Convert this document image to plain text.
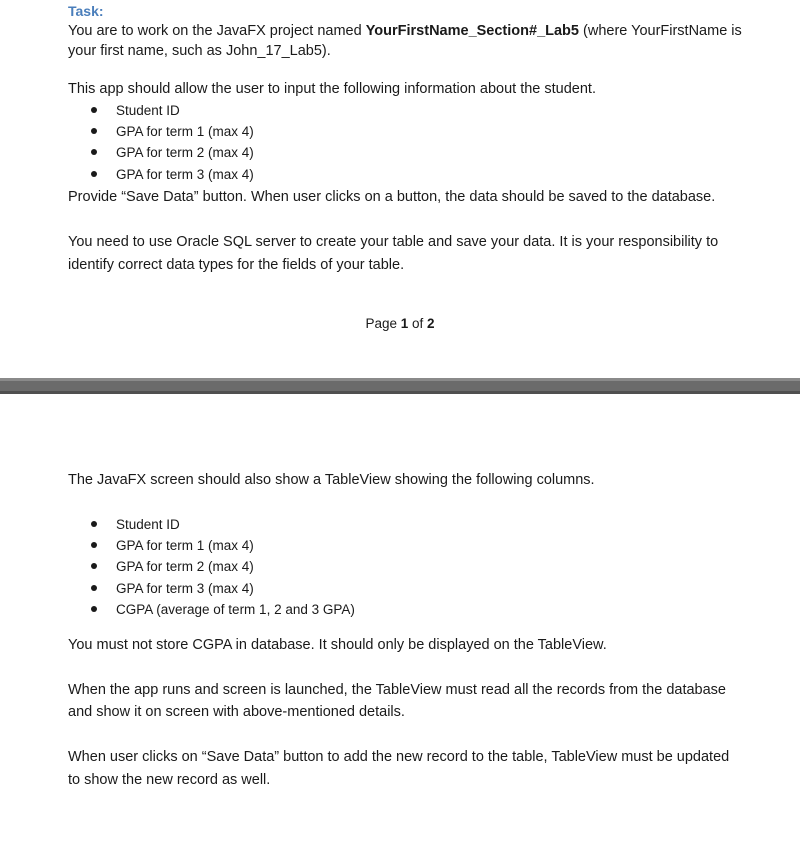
Task:
You are to work on the JavaFX project named YourFirstName_Section#_Lab5 (where YourFirstName is
your first name, such as John_17_Lab5).
This app should allow the user to input the following information about the student.
Student ID
GPA for term 1 (max 4)
GPA for term 2 (max 4)
GPA for term 3 (max 4)
Provide “Save Data” button. When user clicks on a button, the data should be saved to the database.
You need to use Oracle SQL server to create your table and save your data. It is your responsibility to
identify correct data types for the fields of your table.
Page 1 of 2
The JavaFX screen should also show a TableView showing the following columns.
Student ID
GPA for term 1 (max 4)
GPA for term 2 (max 4)
GPA for term 3 (max 4)
CGPA (average of term 1, 2 and 3 GPA)
You must not store CGPA in database. It should only be displayed on the TableView.
When the app runs and screen is launched, the TableView must read all the records from the database
and show it on screen with above-mentioned details.
When user clicks on “Save Data” button to add the new record to the table, TableView must be updated
to show the new record as well.
